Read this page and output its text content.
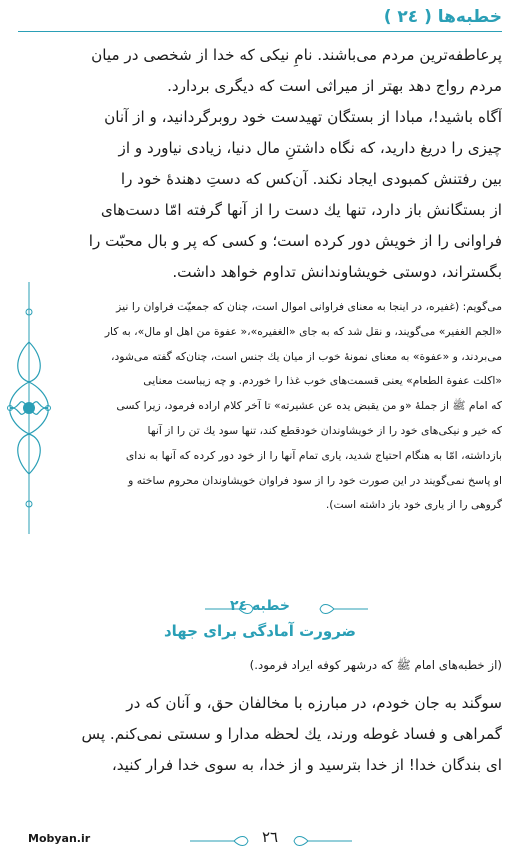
خطبه‌ها ( ٢٤ )
پرعاطفه‌ترین مردم می‌باشند. نامِ نیکی که خدا از شخصی در میان
مردم رواج دهد بهتر از میراثی است که دیگری بردارد.
آگاه باشید!، مبادا از بستگان تهیدست خود روبرگردانید، و از آنان
چیزی را دریغ دارید، که نگاه داشتنِ مال دنیا، زیادی نیاورد و از
بین رفتنش کمبودی ایجاد نکند. آن‌کس که دستِ دهندهٔ خود را
از بستگانش باز دارد، تنها يك دست را از آنها گرفته امّا دست‌های
فراوانی را از خویش دور کرده است؛ و کسی که پر و بال محبّت را
بگستراند، دوستی خویشاوندانش تداوم خواهد داشت.
می‌گویم: (غفیره، در اینجا به معنای فراوانی اموال است، چنان که جمعیّت فراوان را نیز
«الجم الغفير» می‌گويند، و نقل شد که به جای «الغفیره»،« عفوة من اهل او مال»، به کار
می‌بردند، و «عفوة» به معنای نمونهٔ خوب از میان يك جنس است، چنان‌که گفته می‌شود،
«اكلت عفوة الطعام» يعنى قسمت‌های خوب غذا را خوردم. و چه زيباست معنايى
که امام ﷺ از جملهٔ «و من يقبض يده عن عشيرته» تا آخر كلام اراده فرمود، زيرا كسى
که خير و نيكى‌های خود را از خويشاوندان خودقطع کند، تنها سود يك تن را از آنها
بازداشته، امّا به هنگام احتیاج شديد، ياری تمام آنها را از خود دور کرده که آنها به ندای
او پاسخ نمی‌گويند در اين صورت خود را از سود فراوان خويشاوندان محروم ساخته و
گروهی را از ياری خود باز داشته است).
خطبه ٢٤
ضرورت آمادگی برای جهاد
(از خطبه‌های امام ﷺ که درشهر کوفه ایراد فرمود.)
سوگند به جان خودم، در مبارزه با مخالفان حق، و آنان که در
گمراهی و فساد غوطه ورند، يك لحظه مدارا و سستی نمی‌کنم. پس
ای بندگان خدا! از خدا بترسید و از خدا، به سوی خدا فرار كنيد،
Mobyan.ir	٢٦
